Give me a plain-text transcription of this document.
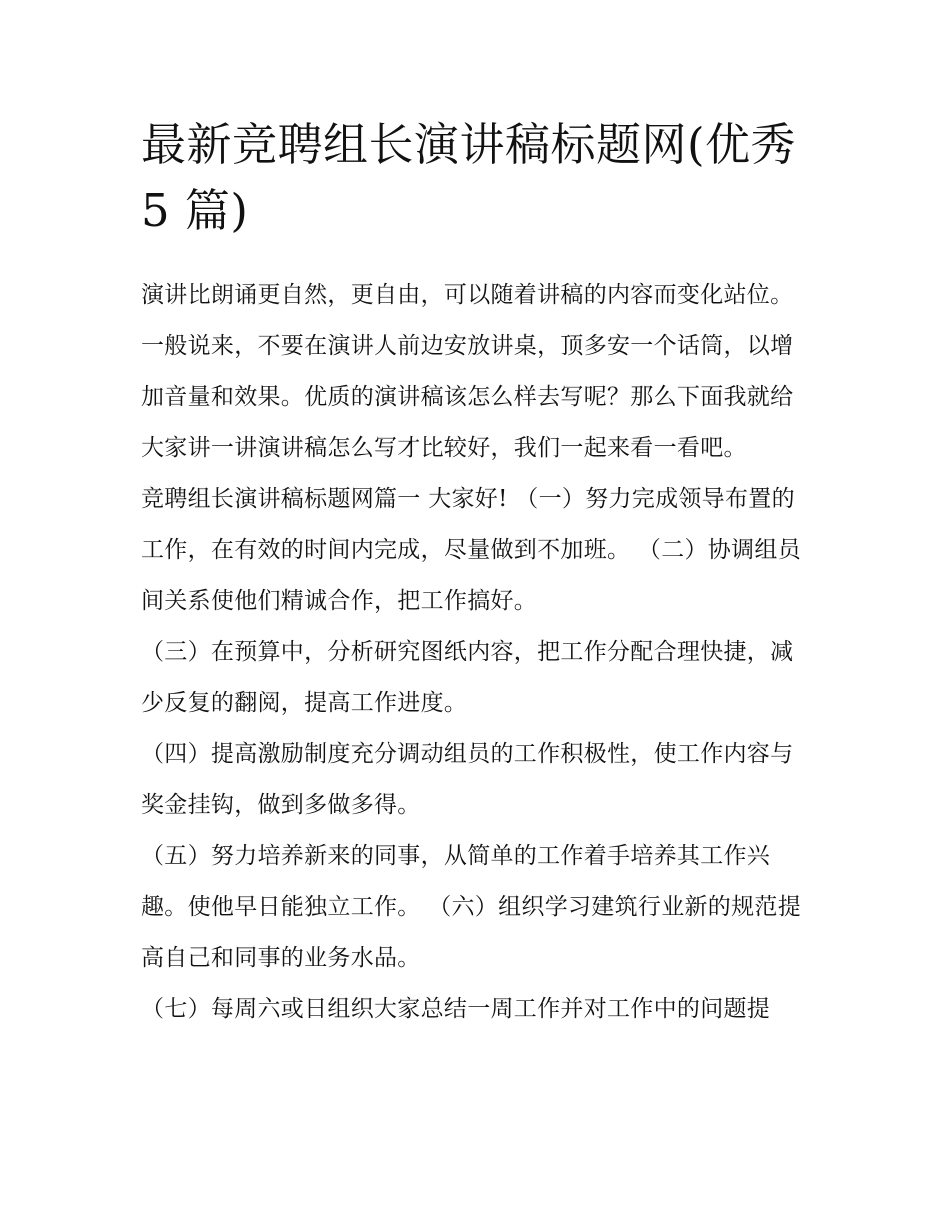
最新竞聘组长演讲稿标题网(优秀 5 篇)

演讲比朗诵更自然，更自由，可以随着讲稿的内容而变化站位。一般说来，不要在演讲人前边安放讲桌，顶多安一个话筒，以增加音量和效果。优质的演讲稿该怎么样去写呢？那么下面我就给大家讲一讲演讲稿怎么写才比较好，我们一起来看一看吧。

竞聘组长演讲稿标题网篇一 大家好! （一）努力完成领导布置的工作，在有效的时间内完成，尽量做到不加班。 （二）协调组员间关系使他们精诚合作，把工作搞好。

（三）在预算中，分析研究图纸内容，把工作分配合理快捷，减少反复的翻阅，提高工作进度。

（四）提高激励制度充分调动组员的工作积极性，使工作内容与奖金挂钩，做到多做多得。

（五）努力培养新来的同事，从简单的工作着手培养其工作兴趣。使他早日能独立工作。 （六）组织学习建筑行业新的规范提高自己和同事的业务水品。

（七）每周六或日组织大家总结一周工作并对工作中的问题提
